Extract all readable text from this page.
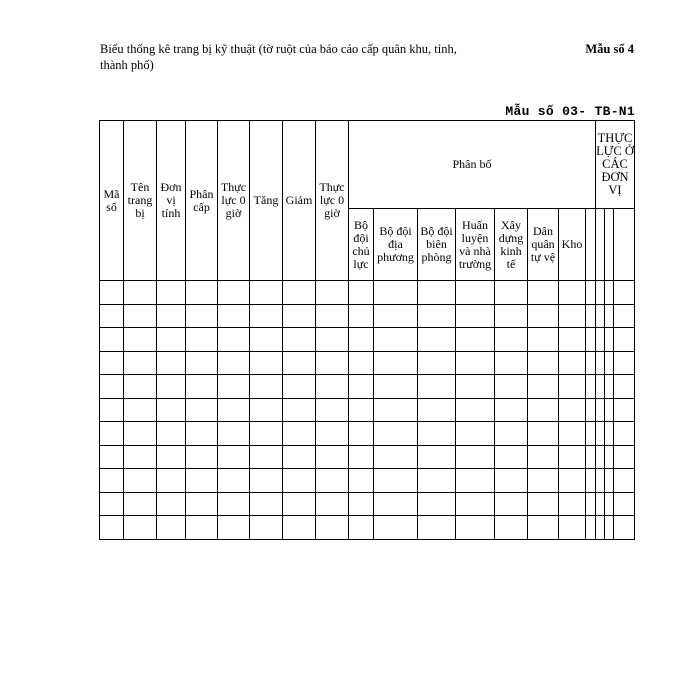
Biểu thống kê trang bị kỹ thuật (tờ ruột của báo cáo cấp quân khu, tỉnh, thành phố)
Mẫu số 4
Mẫu số 03- TB-N1
Mã số	Tên trang bị	Đơn vị tính	Phân cấp	Thực lực 0 giờ	Tăng	Giảm	Thực lực 0 giờ	Phân bố								THỰC LỰC Ở CÁC ĐƠN VỊ		
								Bộ đội chủ lực	Bộ đội địa phương	Bộ đội biên phòng	Huấn luyện và nhà trường	Xây dựng kinh tế	Dân quân tự vệ	Kho				
